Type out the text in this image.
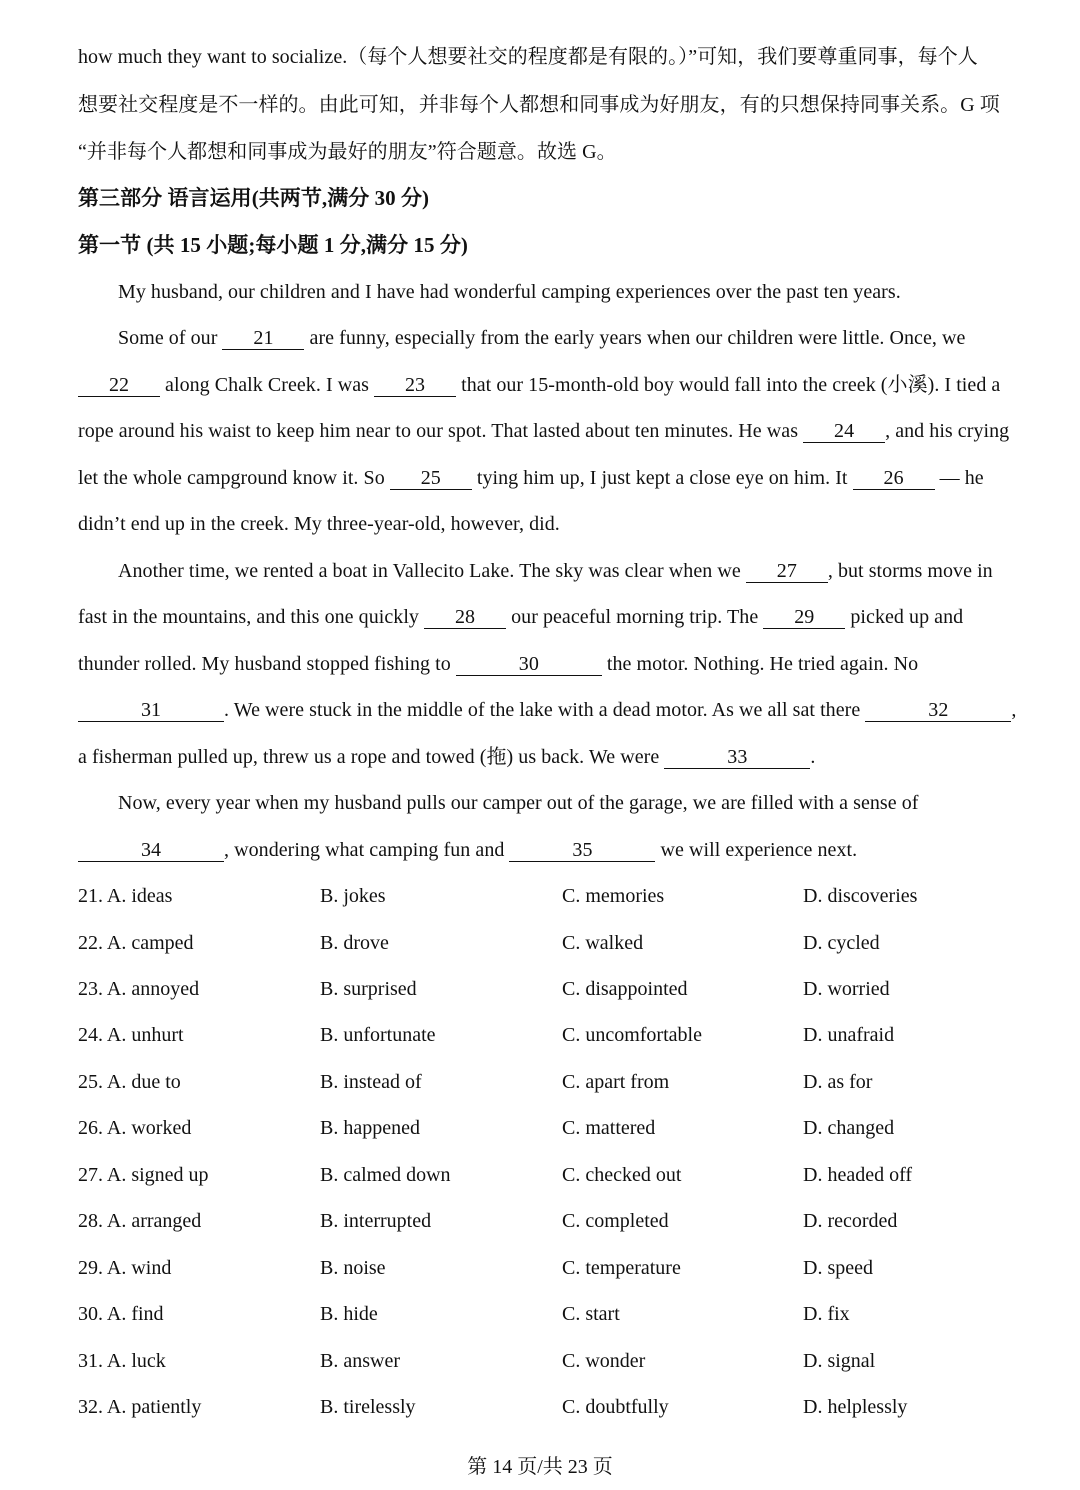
how much they want to socialize.（每个人想要社交的程度都是有限的。）”可知，我们要尊重同事，每个人
想要社交程度是不一样的。由此可知，并非每个人都想和同事成为好朋友，有的只想保持同事关系。G 项
“并非每个人都想和同事成为最好的朋友”符合题意。故选 G。
第三部分 语言运用(共两节,满分 30 分)
第一节 (共 15 小题;每小题 1 分,满分 15 分)
My husband, our children and I have had wonderful camping experiences over the past ten years.
Some of our 21 are funny, especially from the early years when our children were little. Once, we
22 along Chalk Creek. I was 23 that our 15-month-old boy would fall into the creek (小溪). I tied a
rope around his waist to keep him near to our spot. That lasted about ten minutes. He was 24 , and his crying
let the whole campground know it. So 25 tying him up, I just kept a close eye on him. It 26 — he
didn’t end up in the creek. My three-year-old, however, did.
Another time, we rented a boat in Vallecito Lake. The sky was clear when we 27 , but storms move in
fast in the mountains, and this one quickly 28 our peaceful morning trip. The 29 picked up and
thunder rolled. My husband stopped fishing to	30	the motor. Nothing. He tried again. No
31	. We were stuck in the middle of the lake with a dead motor. As we all sat there	32	,
a fisherman pulled up, threw us a rope and towed (拖) us back. We were	33	.
Now, every year when my husband pulls our camper out of the garage, we are filled with a sense of
34	, wondering what camping fun and	35	we will experience next.
21. A. ideas	B. jokes	C. memories	D. discoveries
22. A. camped	B. drove	C. walked	D. cycled
23. A. annoyed	B. surprised	C. disappointed	D. worried
24. A. unhurt	B. unfortunate	C. uncomfortable	D. unafraid
25. A. due to	B. instead of	C. apart from	D. as for
26. A. worked	B. happened	C. mattered	D. changed
27. A. signed up	B. calmed down	C. checked out	D. headed off
28. A. arranged	B. interrupted	C. completed	D. recorded
29. A. wind	B. noise	C. temperature	D. speed
30. A. find	B. hide	C. start	D. fix
31. A. luck	B. answer	C. wonder	D. signal
32. A. patiently	B. tirelessly	C. doubtfully	D. helplessly
第 14 页/共 23 页
